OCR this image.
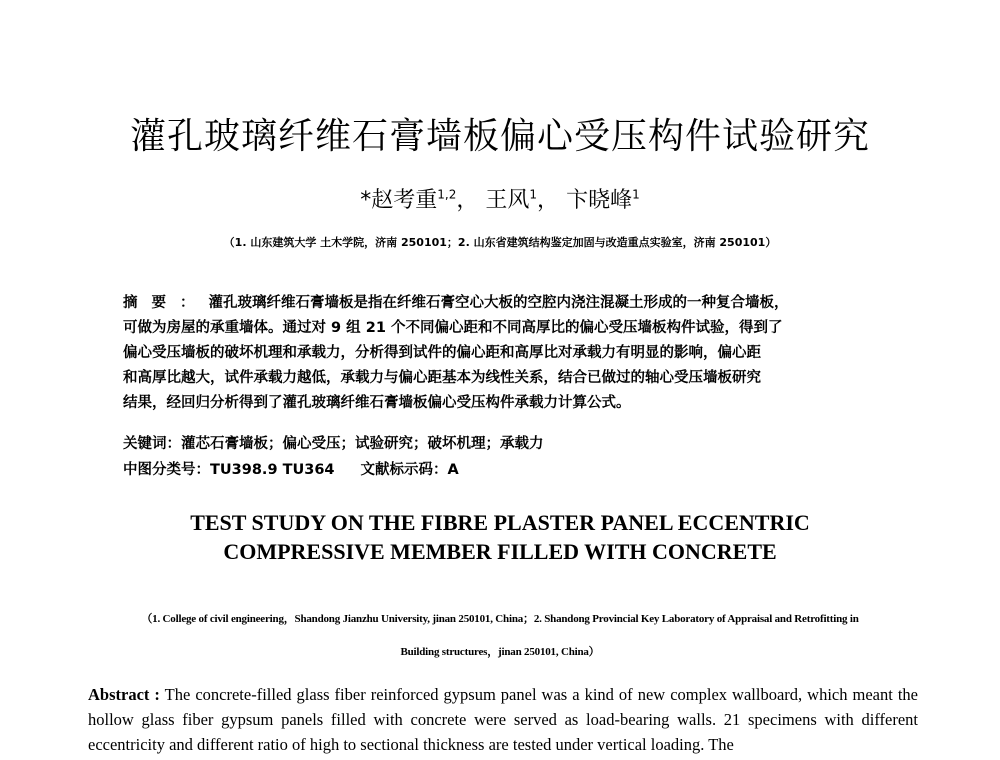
灌孔玻璃纤维石膏墙板偏心受压构件试验研究
*赵考重$^{1,2}$， 王风$^1$， 卞晓峰$^1$
（1. 山东建筑大学 土木学院，济南 250101；2. 山东省建筑结构鉴定加固与改造重点实验室，济南 250101）
摘要：灌孔玻璃纤维石膏墙板是指在纤维石膏空心大板的空腔内浇注混凝土形成的一种复合墙板，
可做为房屋的承重墙体。通过对 9 组 21 个不同偏心距和不同高厚比的偏心受压墙板构件试验，得到了
偏心受压墙板的破坏机理和承载力，分析得到试件的偏心距和高厚比对承载力有明显的影响，偏心距
和高厚比越大，试件承载力越低，承载力与偏心距基本为线性关系，结合已做过的轴心受压墙板研究
结果，经回归分析得到了灌孔玻璃纤维石膏墙板偏心受压构件承载力计算公式。
关键词：灌芯石膏墙板；偏心受压；试验研究；破坏机理；承载力
中图分类号：TU398.9 TU364 文献标示码：A
TEST STUDY ON THE FIBRE PLASTER PANEL ECCENTRIC
COMPRESSIVE MEMBER FILLED WITH CONCRETE
（1. College of civil engineering，Shandong Jianzhu University, jinan 250101, China；2. Shandong Provincial Key Laboratory of Appraisal and Retrofitting in
Building structures，jinan 250101, China）
Abstract : The concrete-filled glass fiber reinforced gypsum panel was a kind of new complex wallboard, which meant the hollow glass fiber gypsum panels filled with concrete were served as load-bearing walls. 21 specimens with different eccentricity and different ratio of high to sectional thickness are tested under vertical loading. The
